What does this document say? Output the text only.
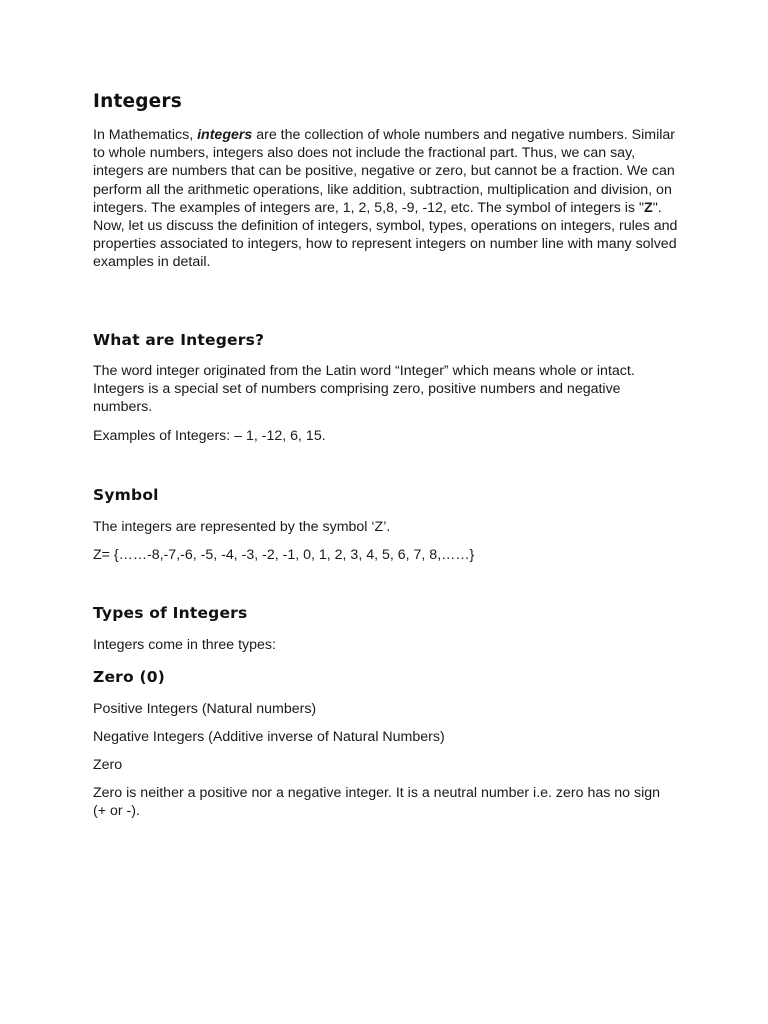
Integers

In Mathematics, integers are the collection of whole numbers and negative numbers. Similar to whole numbers, integers also does not include the fractional part. Thus, we can say, integers are numbers that can be positive, negative or zero, but cannot be a fraction. We can perform all the arithmetic operations, like addition, subtraction, multiplication and division, on integers. The examples of integers are, 1, 2, 5,8, -9, -12, etc. The symbol of integers is "Z". Now, let us discuss the definition of integers, symbol, types, operations on integers, rules and properties associated to integers, how to represent integers on number line with many solved examples in detail.

What are Integers?

The word integer originated from the Latin word “Integer” which means whole or intact. Integers is a special set of numbers comprising zero, positive numbers and negative numbers.

Examples of Integers: – 1, -12, 6, 15.

Symbol

The integers are represented by the symbol ‘Z’.

Z= {……-8,-7,-6, -5, -4, -3, -2, -1, 0, 1, 2, 3, 4, 5, 6, 7, 8,……}

Types of Integers

Integers come in three types:

Zero (0)

Positive Integers (Natural numbers)

Negative Integers (Additive inverse of Natural Numbers)

Zero

Zero is neither a positive nor a negative integer. It is a neutral number i.e. zero has no sign (+ or -).
